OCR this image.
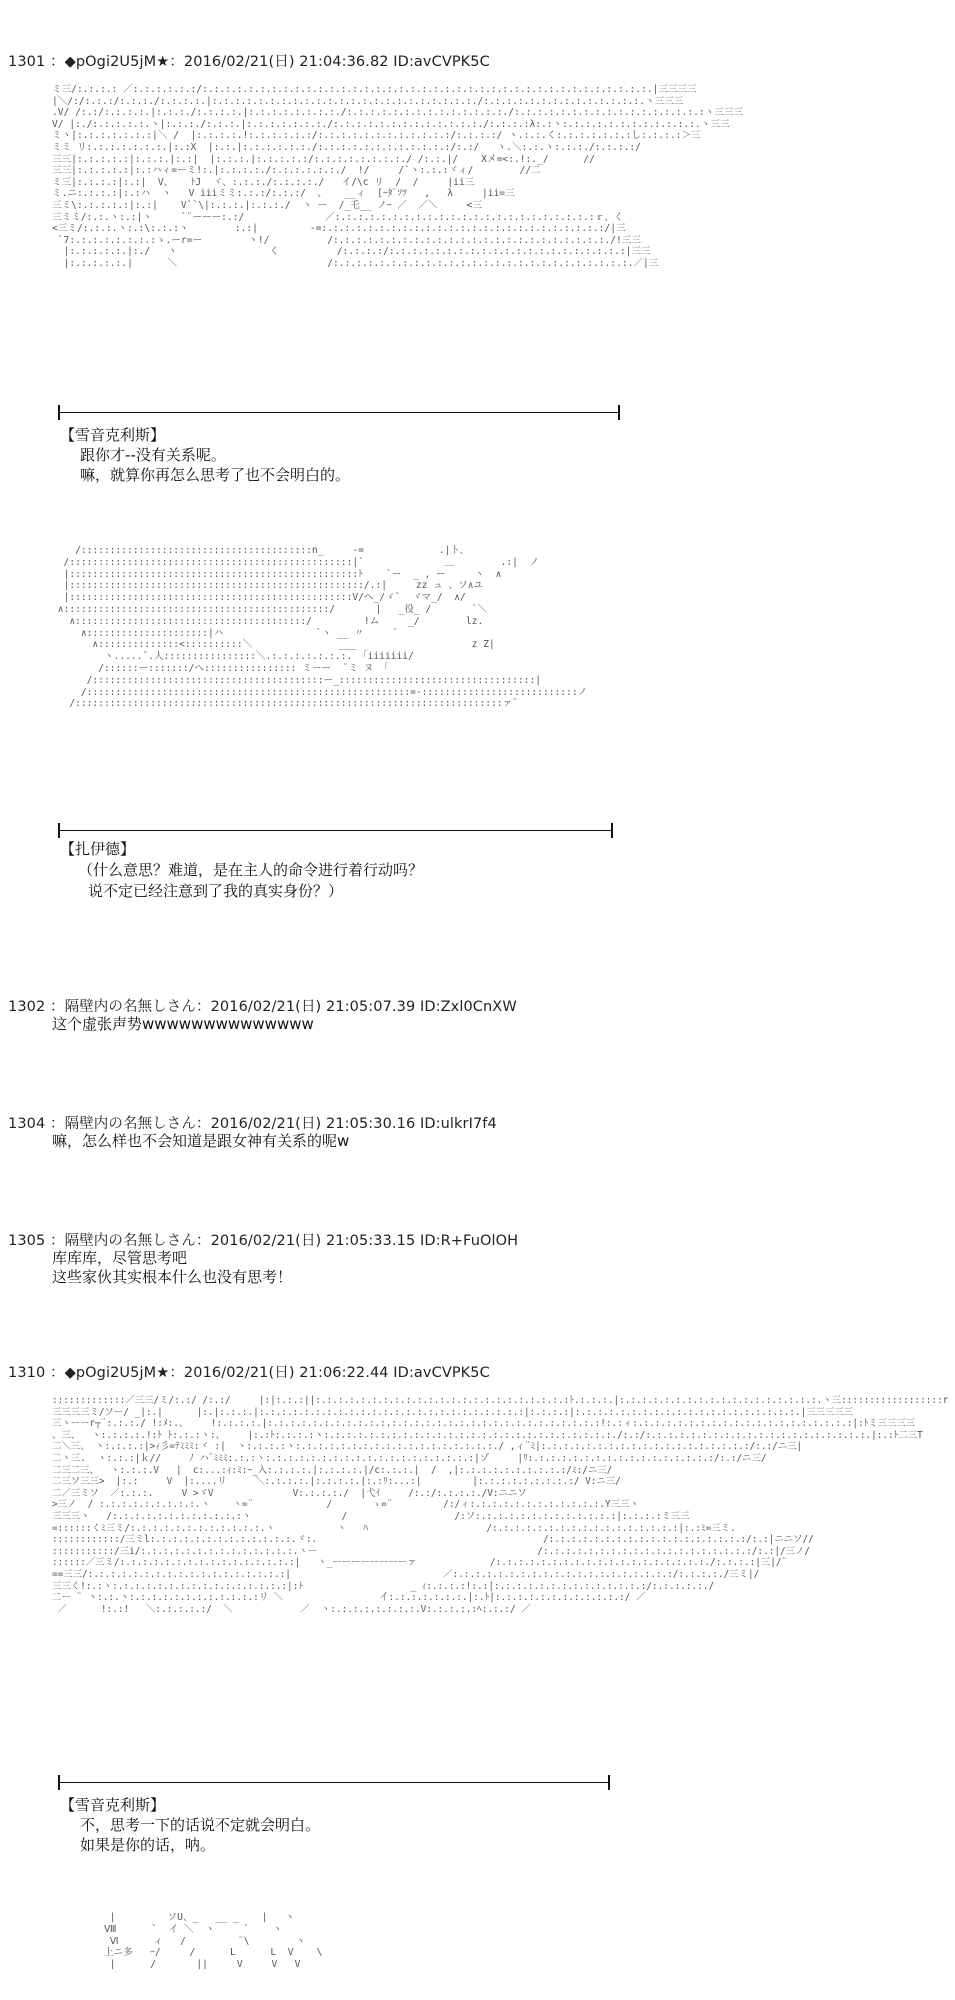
1301 ：◆pOgi2U5jM★：2016/02/21(日) 21:04:36.82 ID:avCVPK5C
ミ三/:.:.:.: ／:.:.:.:.:.:/:.:.:.:.:.:.:.:.:.:.:.:.:.:.:.:.:.:.:.:.:.:.:.:.:.:.:.:.:.:.:.:.:.:.:.:.:.:.:.|三三三三
|＼/:/:.:.:/:.:.:./:.:.:.:.|:.:.:.:.:.:.:.:.:.:.:.:.:.:.:.:.:.:.:.:.:.:.:./:.:.:.:.:.:.:.:.:.:.:.:.:.:.ヽ三三三
.V/ /:.:/:.:.:.:.|:.:.:./:.:.:.:.|:.:.:.:.:.:.:.:./:.:.:.:.:.:.:.:.:.:.:.:.:.:./:.:.:.:.:.:.:.:.:.:.:.:.:.:.:.:.:ヽ三三三
V/ |:./:.:.:.:.:.ヽ|:.:.:./:.:.:.|:.:.:.:.:.:.:./:.:.:.:.:.:.:.:.:.:.:.:.:./:.:.:.:λ:.:ヽ:.:.:.:.:.:.:.:.:.:.:.:.ヽ三三
ミヽ|:.:.:.:.:.:.:|＼ /  |:.:.:.:.!:.:.:.:.:.:/:.:.:.:.:.:.:.:.:.:.:.:/:.:.:.:/ ヽ.:.:.く:.:.:.:.:.:.:し:.:.:.:＞三
ミミ リ:.:.:.:.:.:.:.|:.:X  |:.:.|:.:.:.:.:.:./:.:.:.:.:.:.:.:.:.:.:.:/:.:/   ヽ.＼:.:.ヽ:.:.:./:.:.:.:/
三三|:.:.:.:.:|:.:.:.|:.:|  |:.:.:.|:.:.:.:.:/:.:.:.:.:.:.:.:./ /:.:.|/    Xメ=<:.!:._/      //
三三|:.:.:.:.:|:.:ハィ=ーミ!:.|:.:.:.:./:.:.:.:.:.:./  !/     /`ヽ:.:.:ヾィ/        //二
ミ三|:.:.:.:|:.:|  V、   ﾄJ  ヾ、:.:.:./:.:.:.:./   イ/\c リ  /  /     |ii三
ミ.ニ:.:.:.:|:.:ハ  ヽ   V iiiミミ:.:.:/:.:.:/  、   __ィ  [ｰﾀﾞｿﾂ   ,   λ     |ii=三
三ミ\:.:.:.:.:|:.:|    V``\|:.:.:.|:.:.:./  ヽ ー  /_乇__ ノｰ ／  ／＼     <三
三ミミ/:.:.ヽ:.:|ヽ     `¨ーーー:.:/              ／:.:.:.:.:.:.:.:.:.:.:.:.:.:.:.:.:.:.:.:.:.:.:ｒ、く
<三ミ/:.:.:.ヽ:.:\:.:.:ヽ        :.:|         -=:.:.:.:.:.:.:.:.:.:.:.:.:.:.:.:.:.:.:.:.:.:.:.:.:/|三
`7:.:.:.:.:.:.:.:ゝ.ーr=ー        ヽ!/          /:.:.:.:.:.:.:.:.:.:.:.:.:.:.:.:.:.:.:.:.:.:.:.:./!三三
|:.:.:.:.:.|:./   ヽ                く          /:.:.:.:/:.:.:.:.:.:.:.:.:.:.:.:.:.:.:.:.:.:.:.:.:|三三
|:.:.:.:.:.|      ＼                          /:.:.:.:.:.:.:.:.:.:.:.:.:.:.:.:.:.:.:.:.:.:.:.:.:.:.／|三
【雪音克利斯】
跟你才--没有关系呢。
嘛，就算你再怎么思考了也不会明白的。
/::::::::::::::::::::::::::::::::::::::::n_     -=             .|ト、
/:::::::::::::::::::::::::::::::::::::::::::::::::|`              ＿        .:|  ノ
|::::::::::::::::::::::::::::::::::::::::::::::::::ﾄ    `ー  _ , ー     ヽ  ∧
|:::::::::::::::::::::::::::::::::::::::::::::::::::/.:|     zz ュ 、ソ∧ユ
|:::::::::::::::::::::::::::::::::::::::::::::::::V/へ_/ゞ`  ヾマ_/  ∧/
∧::::::::::::::::::::::::::::::::::::::::::::::/       |   _役_ /       `＼
∧::::::::::::::::::::::::::::::::::::::::/         !ム     _/        lz.
∧:::::::::::::::::::::|ハ                `ヽ __ 〃     `
∧::::::::::::::<::::::::::＼               ___                    z Z|
ヽ.....¨.人::::::::::::::::＼.:.:.:.:.:.:.:. 「iiiiiii/
/::::::ー:::::::/へ:::::::::::::::: ミーー  ¨ミ ヌ 「
/::::::::::::::::::::::::::::::::::::::::ー_::::::::::::::::::::::::::::::::::|
/::::::::::::::::::::::::::::::::::::::::::::::::::::::::=-:::::::::::::::::::::::::::ノ
/::::::::::::::::::::::::::::::::::::::::::::::::::::::::::::::::::::::::::ァ¨
【扎伊德】
（什么意思？难道，是在主人的命令进行着行动吗？
说不定已经注意到了我的真实身份？）
1302 ：隔壁内の名無しさん：2016/02/21(日) 21:05:07.39 ID:Zxl0CnXW
这个虚张声势wwwwwwwwwwwwww
1304 ：隔壁内の名無しさん：2016/02/21(日) 21:05:30.16 ID:ulkrI7f4
嘛，怎么样也不会知道是跟女神有关系的呢w
1305 ：隔壁内の名無しさん：2016/02/21(日) 21:05:33.15 ID:R+FuOlOH
库库库，尽管思考吧
这些家伙其实根本什么也没有思考！
1310 ：◆pOgi2U5jM★：2016/02/21(日) 21:06:22.44 ID:avCVPK5C
:::::::::::::／三三/ミ/:.:/ /:.:/     |:|:.:.:||:.:.:.:.:.:.:.:.:.:.:.:.:.:.:.:.:.:.:.:.:.:.:ﾄ.:.:.:.|:.:.:.:.:.:.:.:.:.:.:.:.:.:.:.:.:.:.ヽ三::::::::::::::::::r
三三三三ミ/ソー/ _|:.|      |:.|:.:.:.|:.:.:.:.:.:.:.:.:.:.:.:.:.:.:.:.:.:.:.:.:.:.:.:|:.:.:.:|:.:.:.:.:.:.:.:.:.:.:.:.:.:.:.:.:.:.:.:.|三三三三三
三ヽーーr┬¨:.:.:./ !:ﾒ:.、    !:.:.:.:.|:.:.:.:.:.:.:.:.:.:.:.:.:.:.:.:.:.:.:.:.:.:.:.:.:.:.:.:.:.:!:.:ィ:.:.:.:.:.:.:.:.:.:.:.:.:.:.:.:.:.:.:.:|:ﾄミ三三三三
、三、  ヽ:.:.:.:.!:ﾄ ﾄ:.:.:ヽ:、    |:.:ﾄ:.:.:.:ヽ:.:.:.:.:.:.:.:.:.:.:.:.:.:.:.:.:.:.:.:.:.:.:.:.:.:./:.:/:.:.:.:.:.:.:.:.:.:.:.:.:.:.:.:.:.:.:.:.|:.:ﾄ二三T
二＼三、 ヽ:.:.:.:|>ｨ彡=ﾃﾐﾐﾐ:ヾ :|  ヽ:.:.:.:ヽ:.:.:.:.:.:.:.:.:.:.:.:.:.:.:.:.:.:./ ,ィ¨ﾐ|:.:.:.:.:.:.:.:.:.:.:.:.:.:.:.:.:.:.:/:.:/ニ三|
二ヽ三.  ヽ:.:.:|ｋ//     ﾉ ハﾞﾐﾐﾐ:.:.:ヽ:.:.:.:.:.:.:.:.:.:.:.:.:.:.:.:.:.:.:|ゾ     |ﾘ:.:.:.:.:.:.:.:.:.:.:.:.:.:.:.:.:/:.:/ニ三/
二三二三、  ヽ:.:.:.V   |  c:...:ｨ:ﾐ:ｰ_入:.:.:.:.|:.:.:.:.|/c:.:.:.|  /  ,|:.:.:.:.:.:.:.:.:.:/ﾐ:/ニ三/
二三ソ三三>  |:.:     V  |:....リ     ＼:.:.:.:.|:.:.:.:.|:.:ﾘ:...:|         |:.:.:.:.:.:.:.:.:/ V:ニ三/
二／三ミソ  ／:.:.:.     V >ゞV              V:.:.:.:./  |弋ｲ     /:.:/:.:.:.:./V:ニニソ
>三ノ  / :.:.:.:.:.:.:.:.:.ヽ    ヽ=¨             /       ゝ=¨         /:/ィ:.:.:.:.:.:.:.:.:.:.:.:.Y三三ヽ
三三三ヽ   /:.:.:.:.:.:.:.:.:.:.:.:ヽ                /                   /:ソ:.:.:.:.:.:.:.:.:.:.:.:.:|:.:.:.:ミ三三
=::::::くﾐ三ミ/:.:.:.:.:.:.:.:.:.:.:.:.ヽ           ヽ   ﾊ                     /:.:.:.:.:.:.:.:.:.:.:.:.:.:.:.:.:|:.:ﾐ=三ミ.
::::::::::::/三ミl:.:.:.:.:.:.:.:.:.:.:.:.:.ヾ:.                                        /:.:.:.:.:.:.:.:.:.:.:.:.:.:.:.:.:.:/:.:|ニニソ//
:::::::::::/三i/:.:.:.:.:.:.:.:.:.:.:.:.:.:.ヽー                                       /:.:.:.:.:.:.:.:.:.:.:.:.:.:.:.:.:.:.:/:.:|/三ノ/
::::::／三ミ/:.:.:.:.:.:.:.:.:.:.:.:.:.:.:.:|   ヽ_ーーーーーーーーァ             /:.:.:.:.:.:.:.:.:.:.:.:.:.:.:.:.:.:.:./:.:.:.:|三|/¨
==三三/:.:.:.:.:.:.:.:.:.:.:.:.:.:.:.:.:.:|                           ／:.:.:.:.:.:.:.:.:.:.:.:.:.:.:.:.:.:.:.:/:.:.:.:./三ミ|/
三三く!:.:ヽ:.:.:.:.:.:.:.:.:.:.:.:.:.:.:.:|:ﾄ                   _ ｨ:.:.:.:!:.:|:.:.:.:.:.:.:.:.:.:.:.:.:.:/:.:.:.:.:./
二ー ¨ ヽ:.:.ヽ:.:.:.:.:.:.:.:.:.:.:.:リ ＼                 イ:.:.:.:.:.:.:.|:.ﾄ|:.:.:.:.:.:.:.:.:.:.:.:/ ／
／      !:.:!   ＼:.:.:.:.:/  ＼            ／  ヽ:.:.:.:.:.:.:.:.V:.:.:.:.:ﾍ:.:.:/ ／
【雪音克利斯】
不，思考一下的话说不定就会明白。
如果是你的话，呐。
|         ソU、_   __ _    |   ヽ
Ⅷ      `  イ ＼  ヽ     `    ヽ
Ⅵ      ィ   /         ¨\        ヽ
上ニ多   ｰ/     /      L      L  V    \
|      /       ||     V     V   V
